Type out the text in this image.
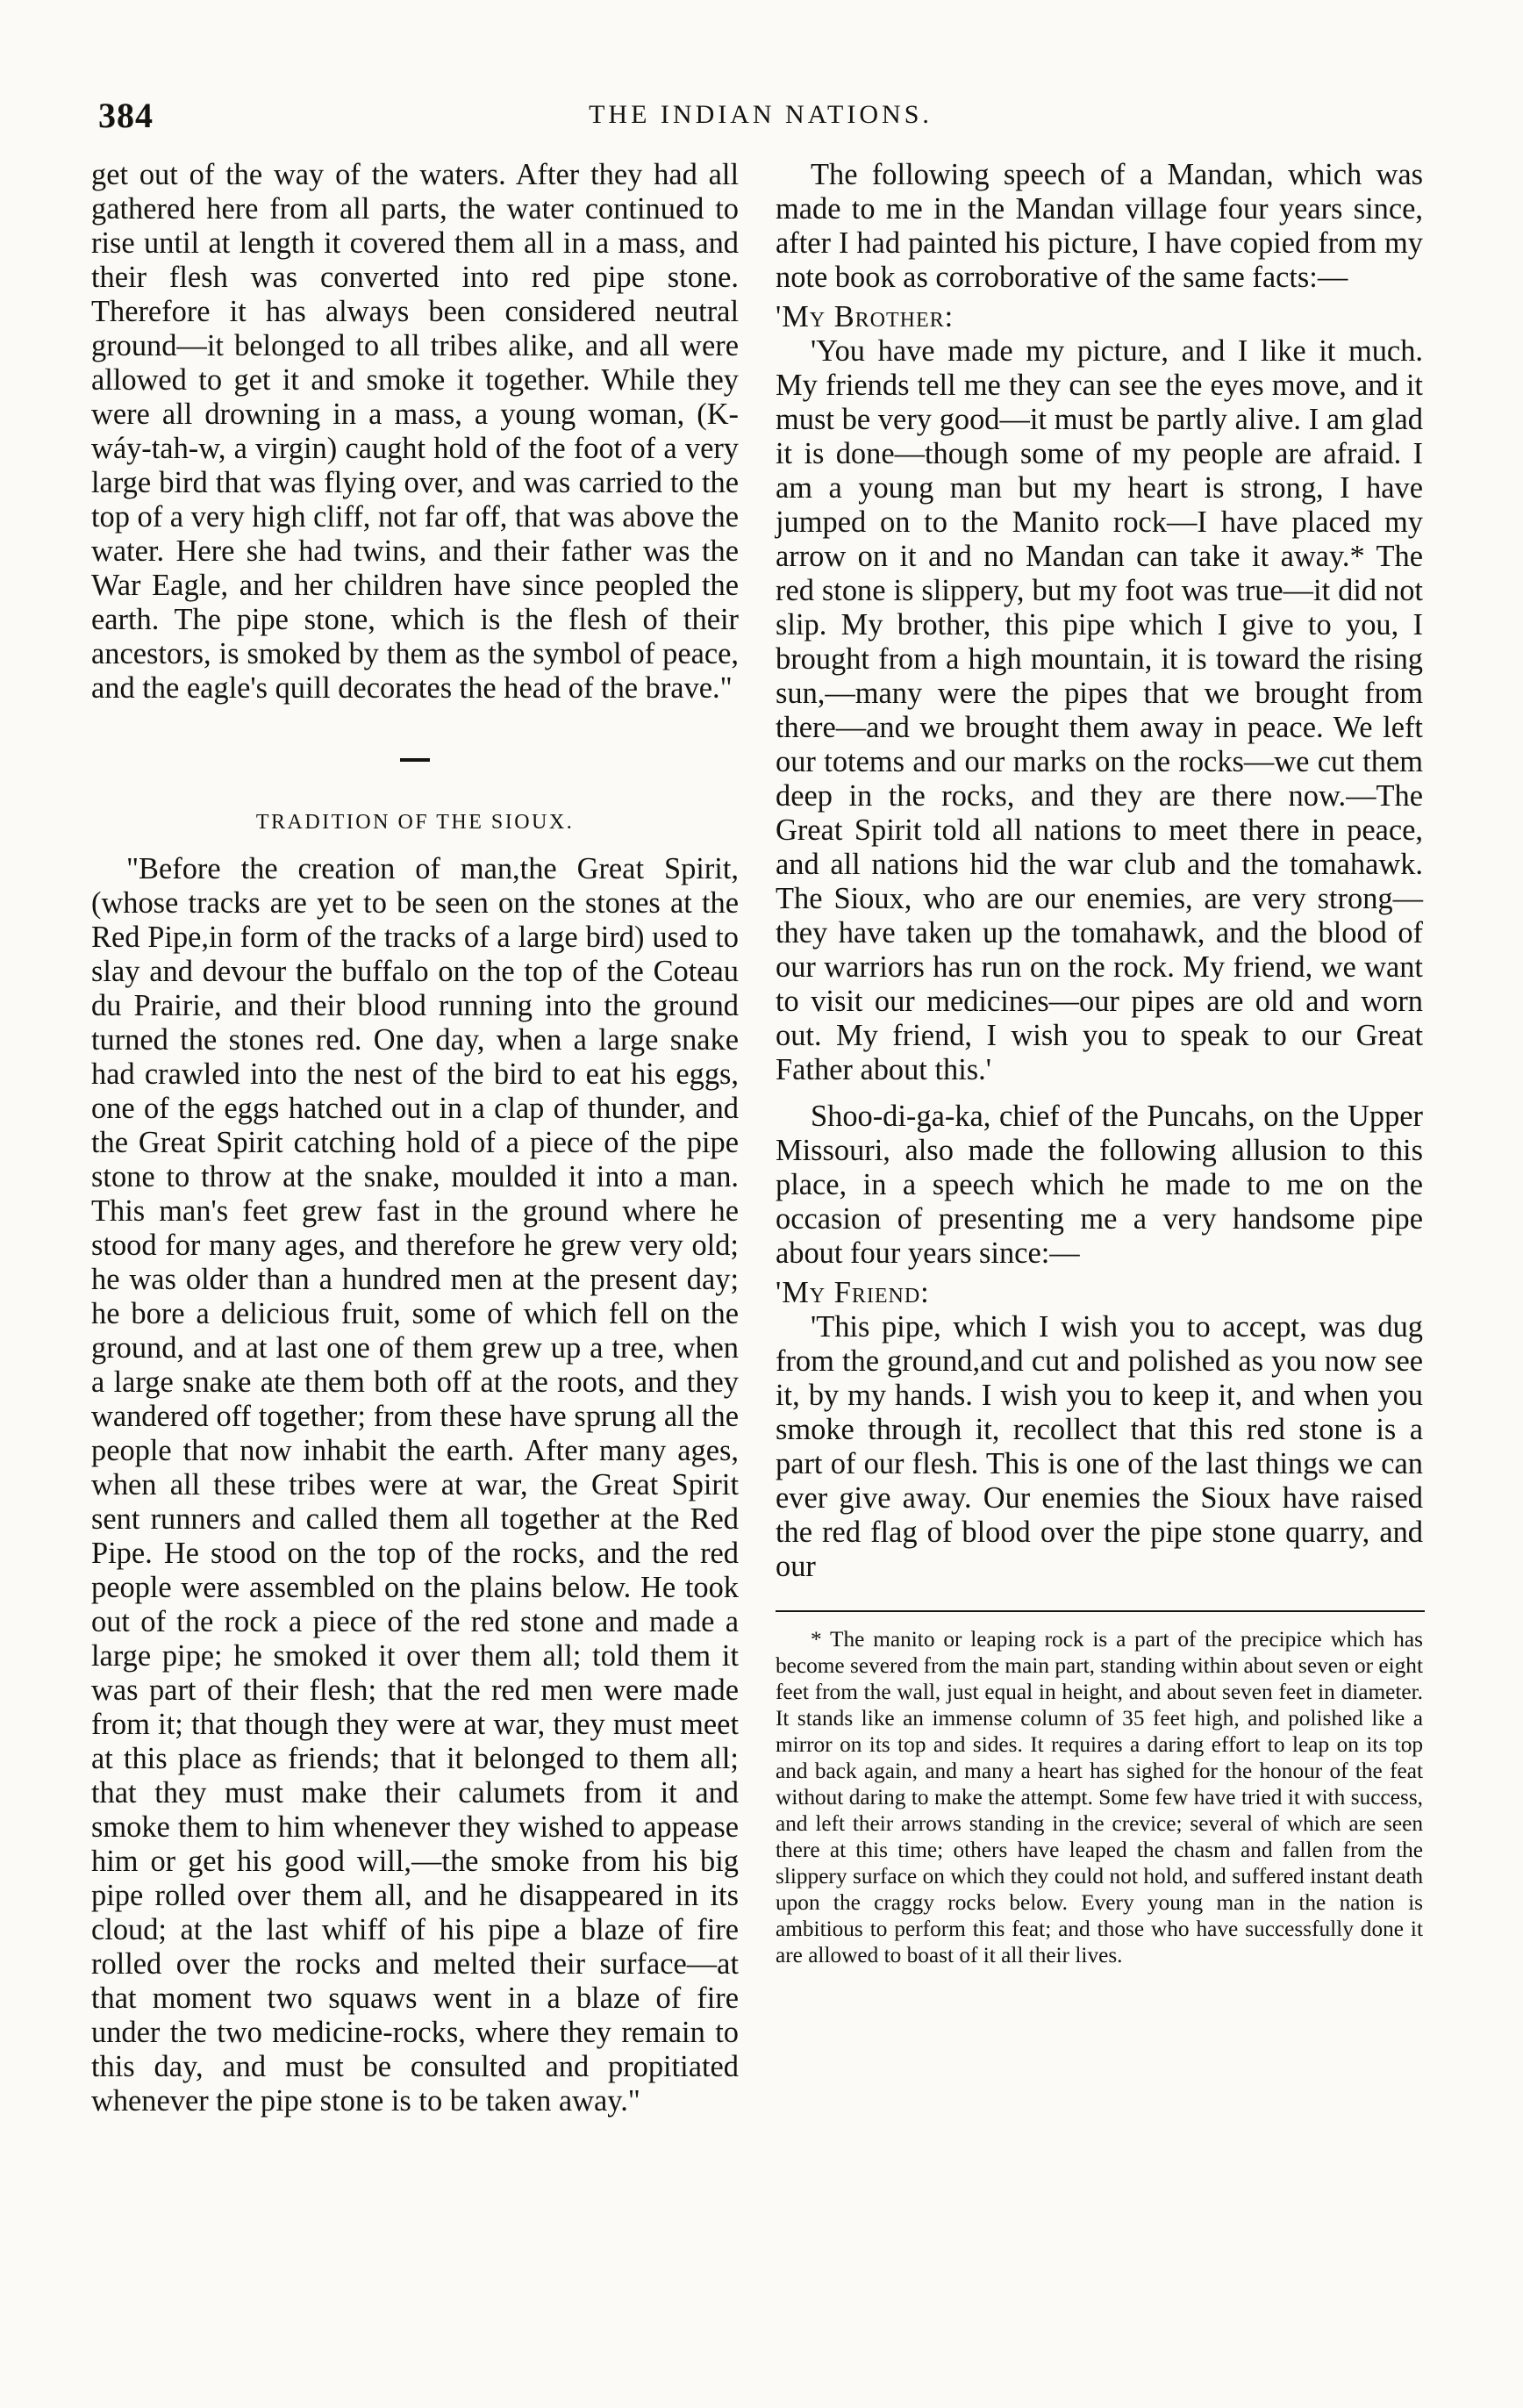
384	THE INDIAN NATIONS.

get out of the way of the waters. After they had all gathered here from all parts, the water continued to rise until at length it covered them all in a mass, and their flesh was converted into red pipe stone. Therefore it has always been considered neutral ground—it belonged to all tribes alike, and all were allowed to get it and smoke it together. While they were all drowning in a mass, a young woman, (K-wáy-tah-w, a virgin) caught hold of the foot of a very large bird that was flying over, and was carried to the top of a very high cliff, not far off, that was above the water. Here she had twins, and their father was the War Eagle, and her children have since peopled the earth. The pipe stone, which is the flesh of their ancestors, is smoked by them as the symbol of peace, and the eagle's quill decorates the head of the brave."

TRADITION OF THE SIOUX.

"Before the creation of man,the Great Spirit, (whose tracks are yet to be seen on the stones at the Red Pipe,in form of the tracks of a large bird) used to slay and devour the buffalo on the top of the Coteau du Prairie, and their blood running into the ground turned the stones red. One day, when a large snake had crawled into the nest of the bird to eat his eggs, one of the eggs hatched out in a clap of thunder, and the Great Spirit catching hold of a piece of the pipe stone to throw at the snake, moulded it into a man. This man's feet grew fast in the ground where he stood for many ages, and therefore he grew very old; he was older than a hundred men at the present day; he bore a delicious fruit, some of which fell on the ground, and at last one of them grew up a tree, when a large snake ate them both off at the roots, and they wandered off together; from these have sprung all the people that now inhabit the earth. After many ages, when all these tribes were at war, the Great Spirit sent runners and called them all together at the Red Pipe. He stood on the top of the rocks, and the red people were assembled on the plains below. He took out of the rock a piece of the red stone and made a large pipe; he smoked it over them all; told them it was part of their flesh; that the red men were made from it; that though they were at war, they must meet at this place as friends; that it belonged to them all; that they must make their calumets from it and smoke them to him whenever they wished to appease him or get his good will,—the smoke from his big pipe rolled over them all, and he disappeared in its cloud; at the last whiff of his pipe a blaze of fire rolled over the rocks and melted their surface—at that moment two squaws went in a blaze of fire under the two medicine-rocks, where they remain to this day, and must be consulted and propitiated whenever the pipe stone is to be taken away."

The following speech of a Mandan, which was made to me in the Mandan village four years since, after I had painted his picture, I have copied from my note book as corroborative of the same facts:—

'My Brother:

'You have made my picture, and I like it much. My friends tell me they can see the eyes move, and it must be very good—it must be partly alive. I am glad it is done—though some of my people are afraid. I am a young man but my heart is strong, I have jumped on to the Manito rock—I have placed my arrow on it and no Mandan can take it away.* The red stone is slippery, but my foot was true—it did not slip. My brother, this pipe which I give to you, I brought from a high mountain, it is toward the rising sun,—many were the pipes that we brought from there—and we brought them away in peace. We left our totems and our marks on the rocks—we cut them deep in the rocks, and they are there now.—The Great Spirit told all nations to meet there in peace, and all nations hid the war club and the tomahawk. The Sioux, who are our enemies, are very strong—they have taken up the tomahawk, and the blood of our warriors has run on the rock. My friend, we want to visit our medicines—our pipes are old and worn out. My friend, I wish you to speak to our Great Father about this.'

Shoo-di-ga-ka, chief of the Puncahs, on the Upper Missouri, also made the following allusion to this place, in a speech which he made to me on the occasion of presenting me a very handsome pipe about four years since:—

'My Friend:

'This pipe, which I wish you to accept, was dug from the ground,and cut and polished as you now see it, by my hands. I wish you to keep it, and when you smoke through it, recollect that this red stone is a part of our flesh. This is one of the last things we can ever give away. Our enemies the Sioux have raised the red flag of blood over the pipe stone quarry, and our

* The manito or leaping rock is a part of the precipice which has become severed from the main part, standing within about seven or eight feet from the wall, just equal in height, and about seven feet in diameter. It stands like an immense column of 35 feet high, and polished like a mirror on its top and sides. It requires a daring effort to leap on its top and back again, and many a heart has sighed for the honour of the feat without daring to make the attempt. Some few have tried it with success, and left their arrows standing in the crevice; several of which are seen there at this time; others have leaped the chasm and fallen from the slippery surface on which they could not hold, and suffered instant death upon the craggy rocks below. Every young man in the nation is ambitious to perform this feat; and those who have successfully done it are allowed to boast of it all their lives.
